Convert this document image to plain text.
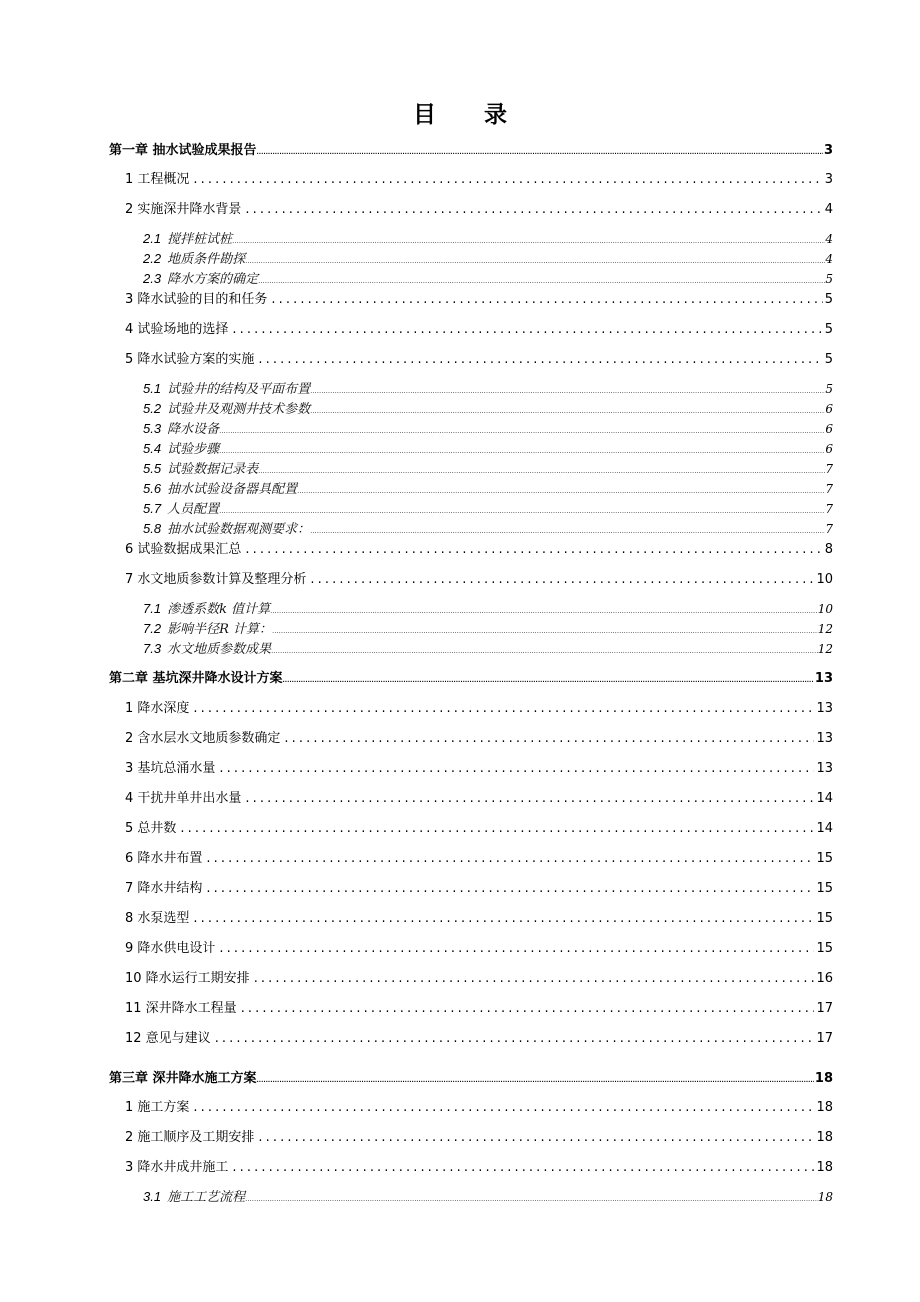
目 录
第一章 抽水试验成果报告 .....	3
1 工程概况 .....	3
2 实施深井降水背景 .....	4
2.1 搅拌桩试桩 .....	4
2.2 地质条件勘探 .....	4
2.3 降水方案的确定 .....	5
3 降水试验的目的和任务 .....	5
4 试验场地的选择 .....	5
5 降水试验方案的实施 .....	5
5.1 试验井的结构及平面布置 .....	5
5.2 试验井及观测井技术参数 .....	6
5.3 降水设备 .....	6
5.4 试验步骤 .....	6
5.5 试验数据记录表 .....	7
5.6 抽水试验设备器具配置 .....	7
5.7 人员配置 .....	7
5.8 抽水试验数据观测要求： .....	7
6 试验数据成果汇总 .....	8
7 水文地质参数计算及整理分析 .....	10
7.1 渗透系数k 值计算 .....	10
7.2 影响半径R 计算： .....	12
7.3 水文地质参数成果 .....	12
第二章 基坑深井降水设计方案 .....	13
1 降水深度 .....	13
2 含水层水文地质参数确定 .....	13
3 基坑总涌水量 .....	13
4 干扰井单井出水量 .....	14
5 总井数 .....	14
6 降水井布置 .....	15
7 降水井结构 .....	15
8 水泵选型 .....	15
9 降水供电设计 .....	15
10 降水运行工期安排 .....	16
11 深井降水工程量 .....	17
12 意见与建议 .....	17
第三章 深井降水施工方案 .....	18
1 施工方案 .....	18
2 施工顺序及工期安排 .....	18
3 降水井成井施工 .....	18
3.1 施工工艺流程 .....	18
